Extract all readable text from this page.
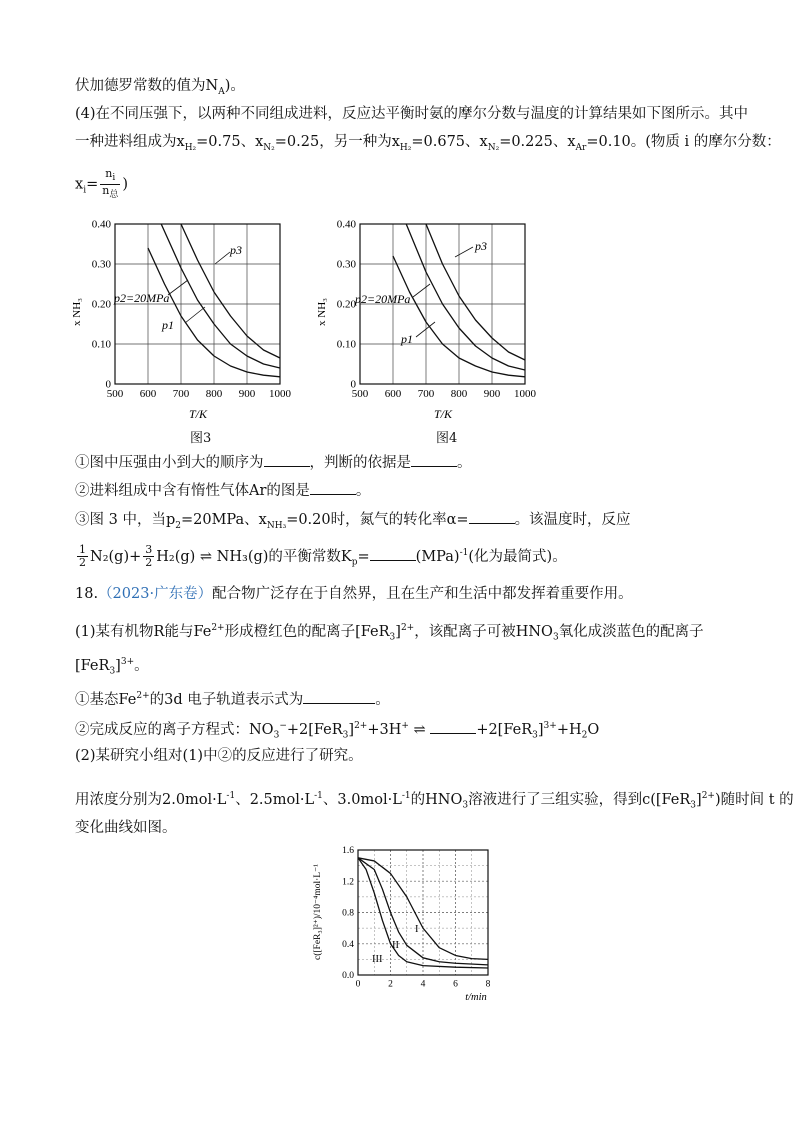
伏加德罗常数的值为$N_A$)。
(4)在不同压强下，以两种不同组成进料，反应达平衡时氨的摩尔分数与温度的计算结果如下图所示。其中
一种进料组成为$x_{H_2}=0.75$、$x_{N_2}=0.25$，另一种为$x_{H_2}=0.675$、$x_{N_2}=0.225$、$x_{Ar}=0.10$。(物质 i 的摩尔分数：
$x_i= \frac{n_i}{n_总}$ )
500 600 700 800 900 1000
0
0.10
0.20
0.30
0.40
T/K
x NH₃	p1
p2=20MPa
p3
500 600 700 800 900 1000
0
0.10
0.20
0.30
0.40
T/K
x NH₃
p1
p2=20MPa
p3
图3	图4
①图中压强由小到大的顺序为	，判断的依据是	。
②进料组成中含有惰性气体Ar的图是	。
③图 3 中，当$p_2=20MPa$、$x_{NH_3}=0.20$时，氮气的转化率α=	。该温度时，反应
$\frac{1}{2} N_2(g)+ \frac{3}{2} H_2(g)$ ⇌ NH₃(g)的平衡常数$K_p=$	(MPa)$^{-1}$(化为最简式)。
18.（2023·广东卷）配合物广泛存在于自然界，且在生产和生活中都发挥着重要作用。
(1)某有机物R能与$Fe^{2+}$形成橙红色的配离子$[FeR_3]^{2+}$，该配离子可被$HNO_3$氧化成淡蓝色的配离子
$[FeR_3]^{3+}$。
①基态$Fe^{2+}$的3d 电子轨道表示式为	。
②完成反应的离子方程式：$NO_3^-+2[FeR_3]^{2+}+3H^+$ ⇌	$+2[FeR_3]^{3+}+H_2O$
(2)某研究小组对(1)中②的反应进行了研究。
用浓度分别为$2.0mol\cdot L^{-1}$、$2.5mol\cdot L^{-1}$、$3.0mol\cdot L^{-1}$的$HNO_3$溶液进行了三组实验，得到$c([FeR_3]^{2+})$随时间 t 的
变化曲线如图。
0	2	4	6	8
0.0
0.4
0.8
1.2
1.6
t/min
c([FeR₃]²⁺)/10⁻⁴mol·L⁻¹	I
II
III
